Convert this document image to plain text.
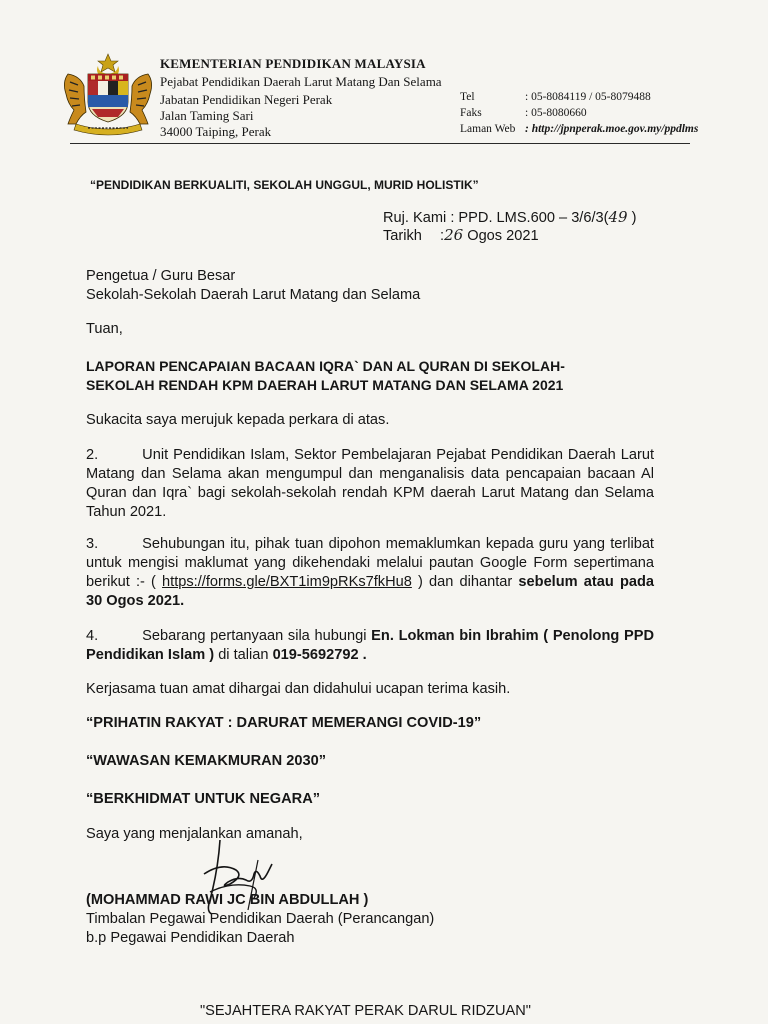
KEMENTERIAN PENDIDIKAN MALAYSIA
Pejabat Pendidikan Daerah Larut Matang Dan Selama
Jabatan Pendidikan Negeri Perak
Jalan Taming Sari
34000 Taiping, Perak
Tel	: 05-8084119 / 05-8079488
Faks	: 05-8080660
Laman Web : http://jpnperak.moe.gov.my/ppdlms
“PENDIDIKAN BERKUALITI, SEKOLAH UNGGUL, MURID HOLISTIK”
Ruj. Kami : PPD. LMS.600 – 3/6/3(49 )
Tarikh :26 Ogos 2021
Pengetua / Guru Besar
Sekolah-Sekolah Daerah Larut Matang dan Selama
Tuan,
LAPORAN PENCAPAIAN BACAAN IQRA` DAN AL QURAN DI SEKOLAH-
SEKOLAH RENDAH KPM DAERAH LARUT MATANG DAN SELAMA 2021
Sukacita saya merujuk kepada perkara di atas.
2.	Unit Pendidikan Islam, Sektor Pembelajaran Pejabat Pendidikan Daerah Larut Matang dan Selama akan mengumpul dan menganalisis data pencapaian bacaan Al Quran dan Iqra` bagi sekolah-sekolah rendah KPM daerah Larut Matang dan Selama Tahun 2021.
3.	Sehubungan itu, pihak tuan dipohon memaklumkan kepada guru yang terlibat untuk mengisi maklumat yang dikehendaki melalui pautan Google Form sepertimana berikut :- ( https://forms.gle/BXT1im9pRKs7fkHu8 ) dan dihantar sebelum atau pada 30 Ogos 2021.
4.	Sebarang pertanyaan sila hubungi En. Lokman bin Ibrahim ( Penolong PPD Pendidikan Islam ) di talian 019-5692792 .
Kerjasama tuan amat dihargai dan didahului ucapan terima kasih.
“PRIHATIN RAKYAT : DARURAT MEMERANGI COVID-19”
“WAWASAN KEMAKMURAN 2030”
“BERKHIDMAT UNTUK NEGARA”
Saya yang menjalankan amanah,
(MOHAMMAD RAWI JC BIN ABDULLAH )
Timbalan Pegawai Pendidikan Daerah (Perancangan)
b.p Pegawai Pendidikan Daerah
"SEJAHTERA RAKYAT PERAK DARUL RIDZUAN"
